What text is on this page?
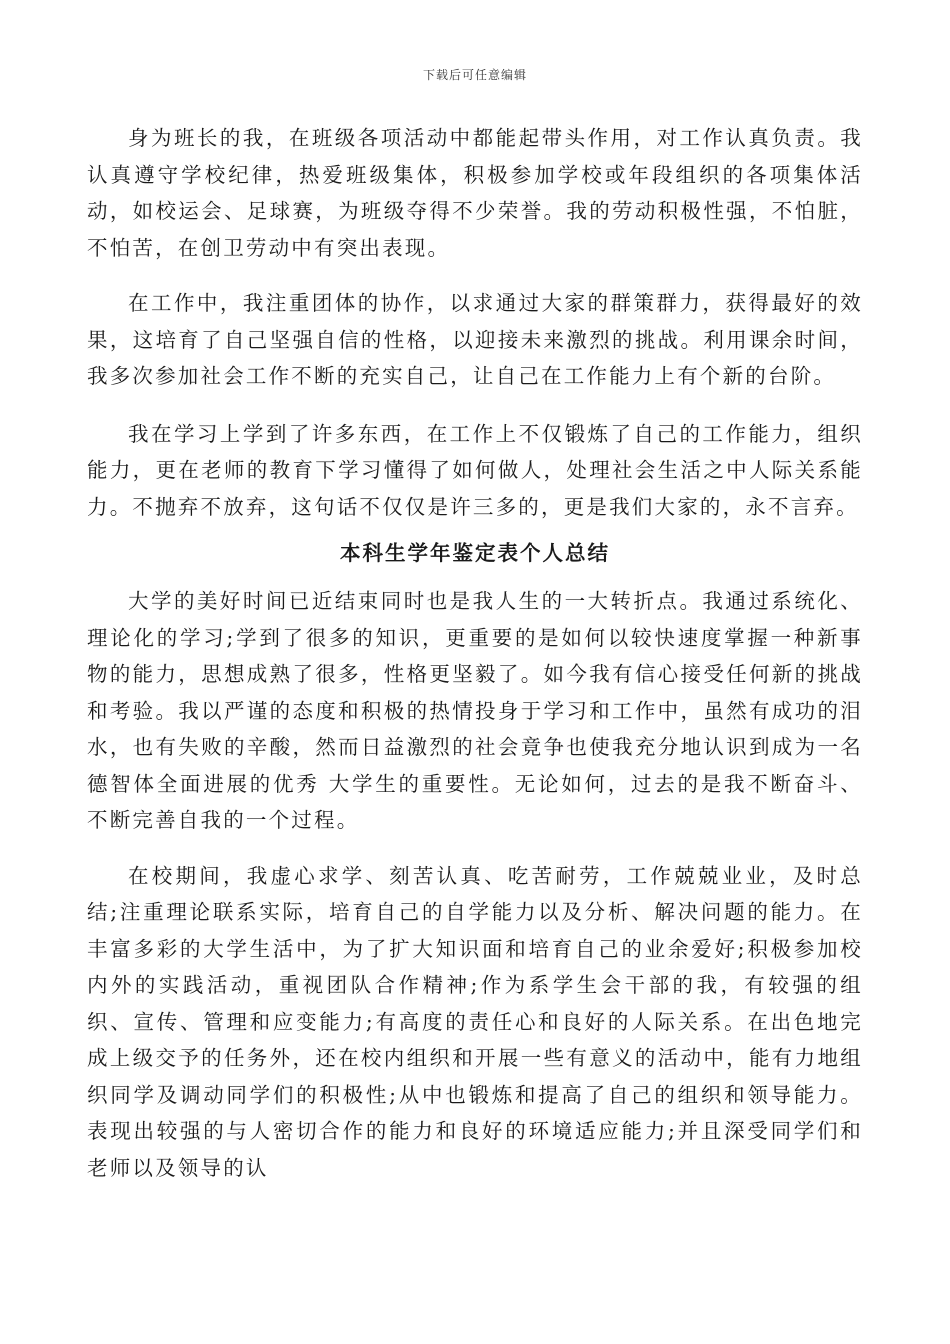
下载后可任意编辑

身为班长的我，在班级各项活动中都能起带头作用，对工作认真负责。我认真遵守学校纪律，热爱班级集体，积极参加学校或年段组织的各项集体活动，如校运会、足球赛，为班级夺得不少荣誉。我的劳动积极性强，不怕脏，不怕苦，在创卫劳动中有突出表现。

在工作中，我注重团体的协作，以求通过大家的群策群力，获得最好的效果，这培育了自己坚强自信的性格，以迎接未来激烈的挑战。利用课余时间，我多次参加社会工作不断的充实自己，让自己在工作能力上有个新的台阶。

我在学习上学到了许多东西，在工作上不仅锻炼了自己的工作能力，组织能力，更在老师的教育下学习懂得了如何做人，处理社会生活之中人际关系能力。不抛弃不放弃，这句话不仅仅是许三多的，更是我们大家的，永不言弃。

本科生学年鉴定表个人总结

大学的美好时间已近结束同时也是我人生的一大转折点。我通过系统化、理论化的学习;学到了很多的知识，更重要的是如何以较快速度掌握一种新事物的能力，思想成熟了很多，性格更坚毅了。如今我有信心接受任何新的挑战和考验。我以严谨的态度和积极的热情投身于学习和工作中，虽然有成功的泪水，也有失败的辛酸，然而日益激烈的社会竟争也使我充分地认识到成为一名德智体全面进展的优秀 大学生的重要性。无论如何，过去的是我不断奋斗、不断完善自我的一个过程。

在校期间，我虚心求学、刻苦认真、吃苦耐劳，工作兢兢业业，及时总结;注重理论联系实际，培育自己的自学能力以及分析、解决问题的能力。在丰富多彩的大学生活中，为了扩大知识面和培育自己的业余爱好;积极参加校内外的实践活动，重视团队合作精神;作为系学生会干部的我，有较强的组织、宣传、管理和应变能力;有高度的责任心和良好的人际关系。在出色地完成上级交予的任务外，还在校内组织和开展一些有意义的活动中，能有力地组织同学及调动同学们的积极性;从中也锻炼和提高了自己的组织和领导能力。表现出较强的与人密切合作的能力和良好的环境适应能力;并且深受同学们和老师以及领导的认
